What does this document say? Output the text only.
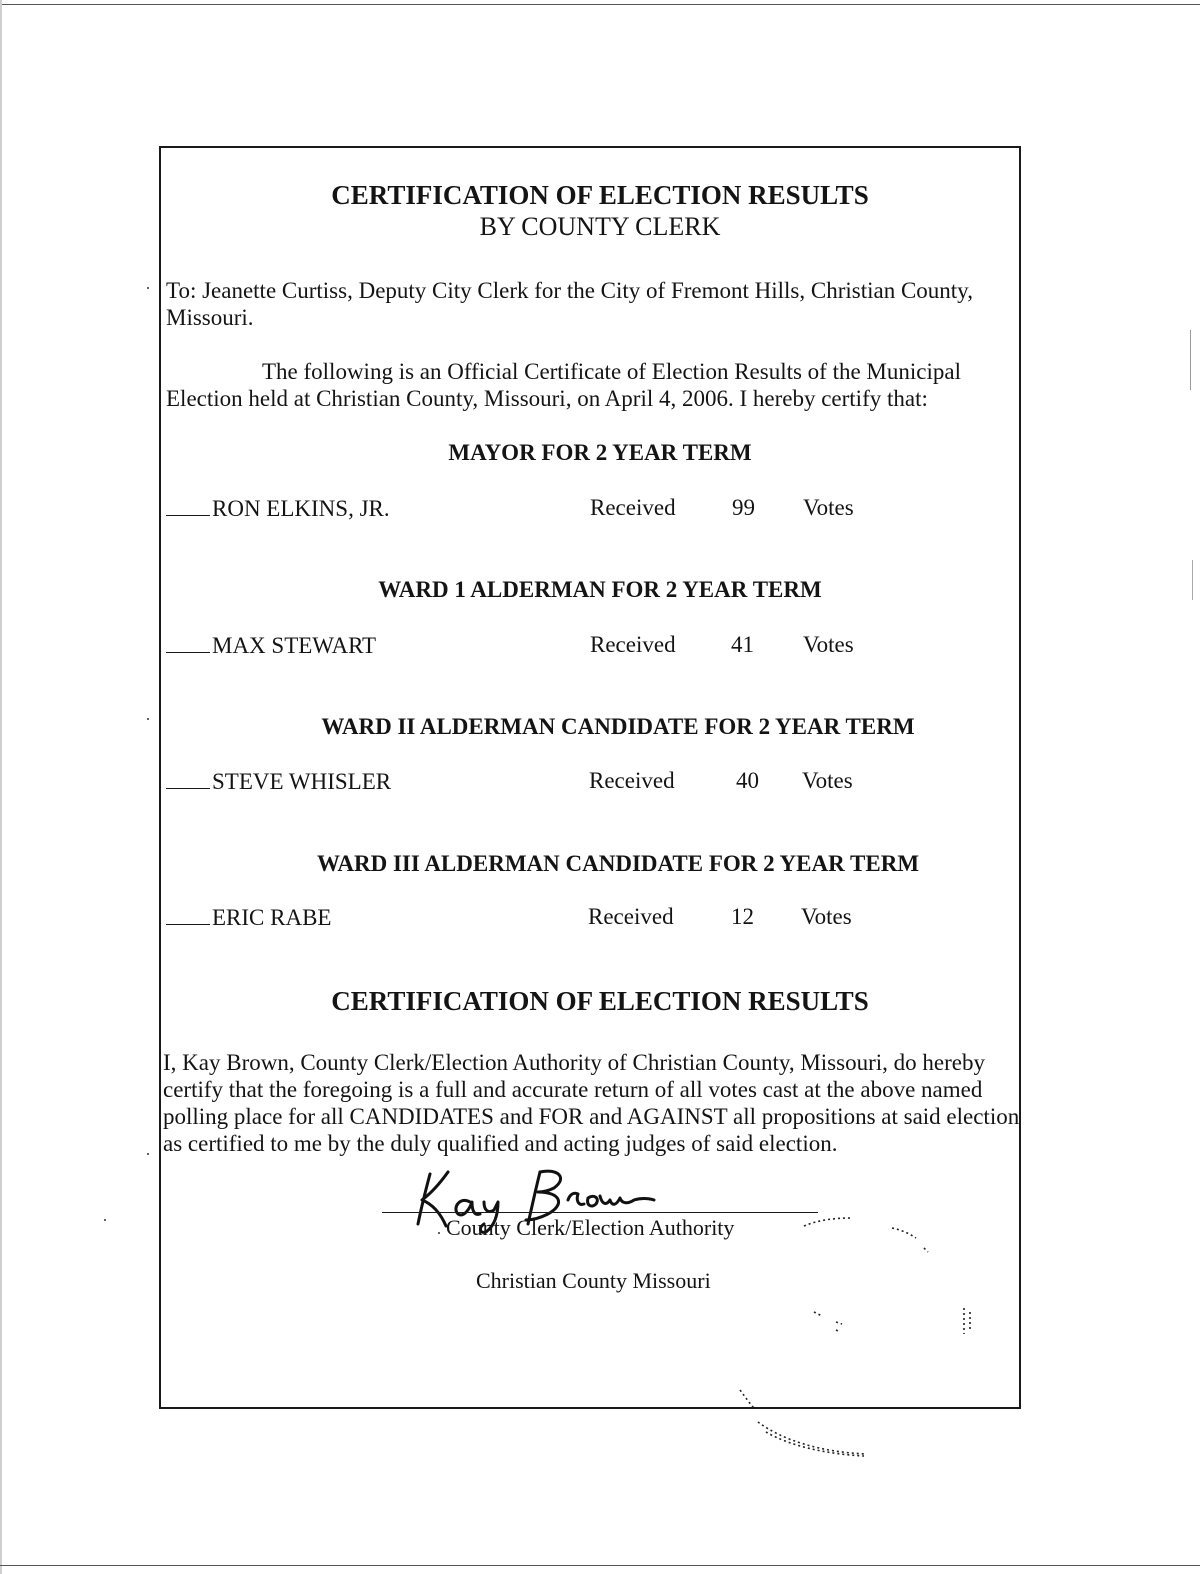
CERTIFICATION OF ELECTION RESULTS
BY COUNTY CLERK
To: Jeanette Curtiss, Deputy City Clerk for the City of Fremont Hills, Christian County, Missouri.
The following is an Official Certificate of Election Results of the Municipal Election held at Christian County, Missouri, on April 4, 2006. I hereby certify that:
MAYOR FOR 2 YEAR TERM
RON ELKINS, JR.	Received 99 Votes
WARD 1 ALDERMAN FOR 2 YEAR TERM
MAX STEWART	Received 41 Votes
WARD II ALDERMAN CANDIDATE FOR 2 YEAR TERM
STEVE WHISLER	Received	40 Votes
WARD III ALDERMAN CANDIDATE FOR 2 YEAR TERM
ERIC RABE	Received 12 Votes
CERTIFICATION OF ELECTION RESULTS
I, Kay Brown, County Clerk/Election Authority of Christian County, Missouri, do hereby certify that the foregoing is a full and accurate return of all votes cast at the above named polling place for all CANDIDATES and FOR and AGAINST all propositions at said election as certified to me by the duly qualified and acting judges of said election.
County Clerk/Election Authority
Christian County Missouri
